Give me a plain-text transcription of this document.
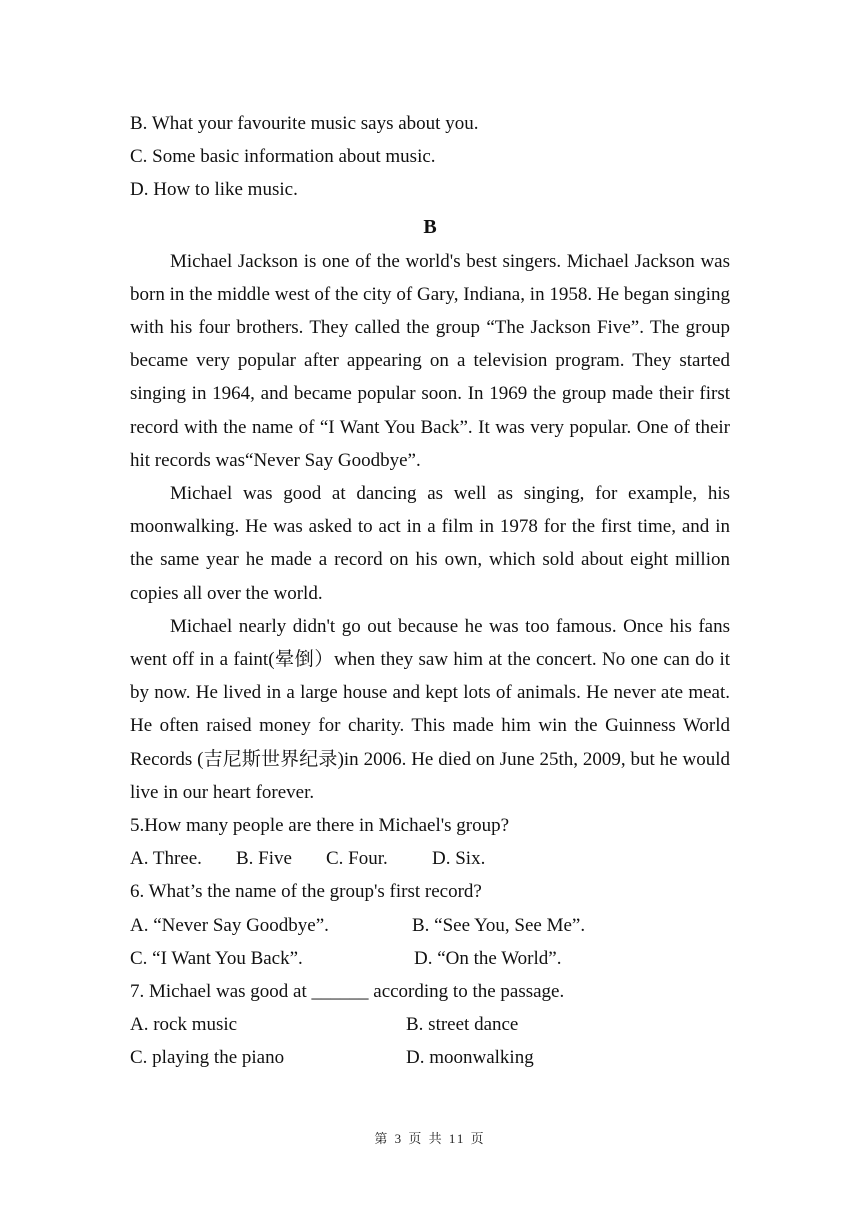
B. What your favourite music says about you.
C. Some basic information about music.
D. How to like music.
B
Michael Jackson is one of the world's best singers. Michael Jackson was born in the middle west of the city of Gary, Indiana, in 1958. He began singing with his four brothers. They called the group “The Jackson Five”. The group became very popular after appearing on a television program. They started singing in 1964, and became popular soon. In 1969 the group made their first record with the name of “I Want You Back”. It was very popular. One of their hit records was“Never Say Goodbye”.
Michael was good at dancing as well as singing, for example, his moonwalking. He was asked to act in a film in 1978 for the first time, and in the same year he made a record on his own, which sold about eight million copies all over the world.
Michael nearly didn't go out because he was too famous. Once his fans went off in a faint(晕倒）when they saw him at the concert. No one can do it by now. He lived in a large house and kept lots of animals. He never ate meat. He often raised money for charity. This made him win the Guinness World Records (吉尼斯世界纪录)in 2006. He died on June 25th, 2009, but he would live in our heart forever.
5.How many people are there in Michael's group?
A. Three.	B. Five	C. Four.	D. Six.
6. What’s the name of the group's first record?
A. “Never Say Goodbye”.	B. “See You, See Me”.
C. “I Want You Back”.	D. “On the World”.
7. Michael was good at ______ according to the passage.
A. rock music	B. street dance
C. playing the piano	D. moonwalking
第 3 页 共 11 页
